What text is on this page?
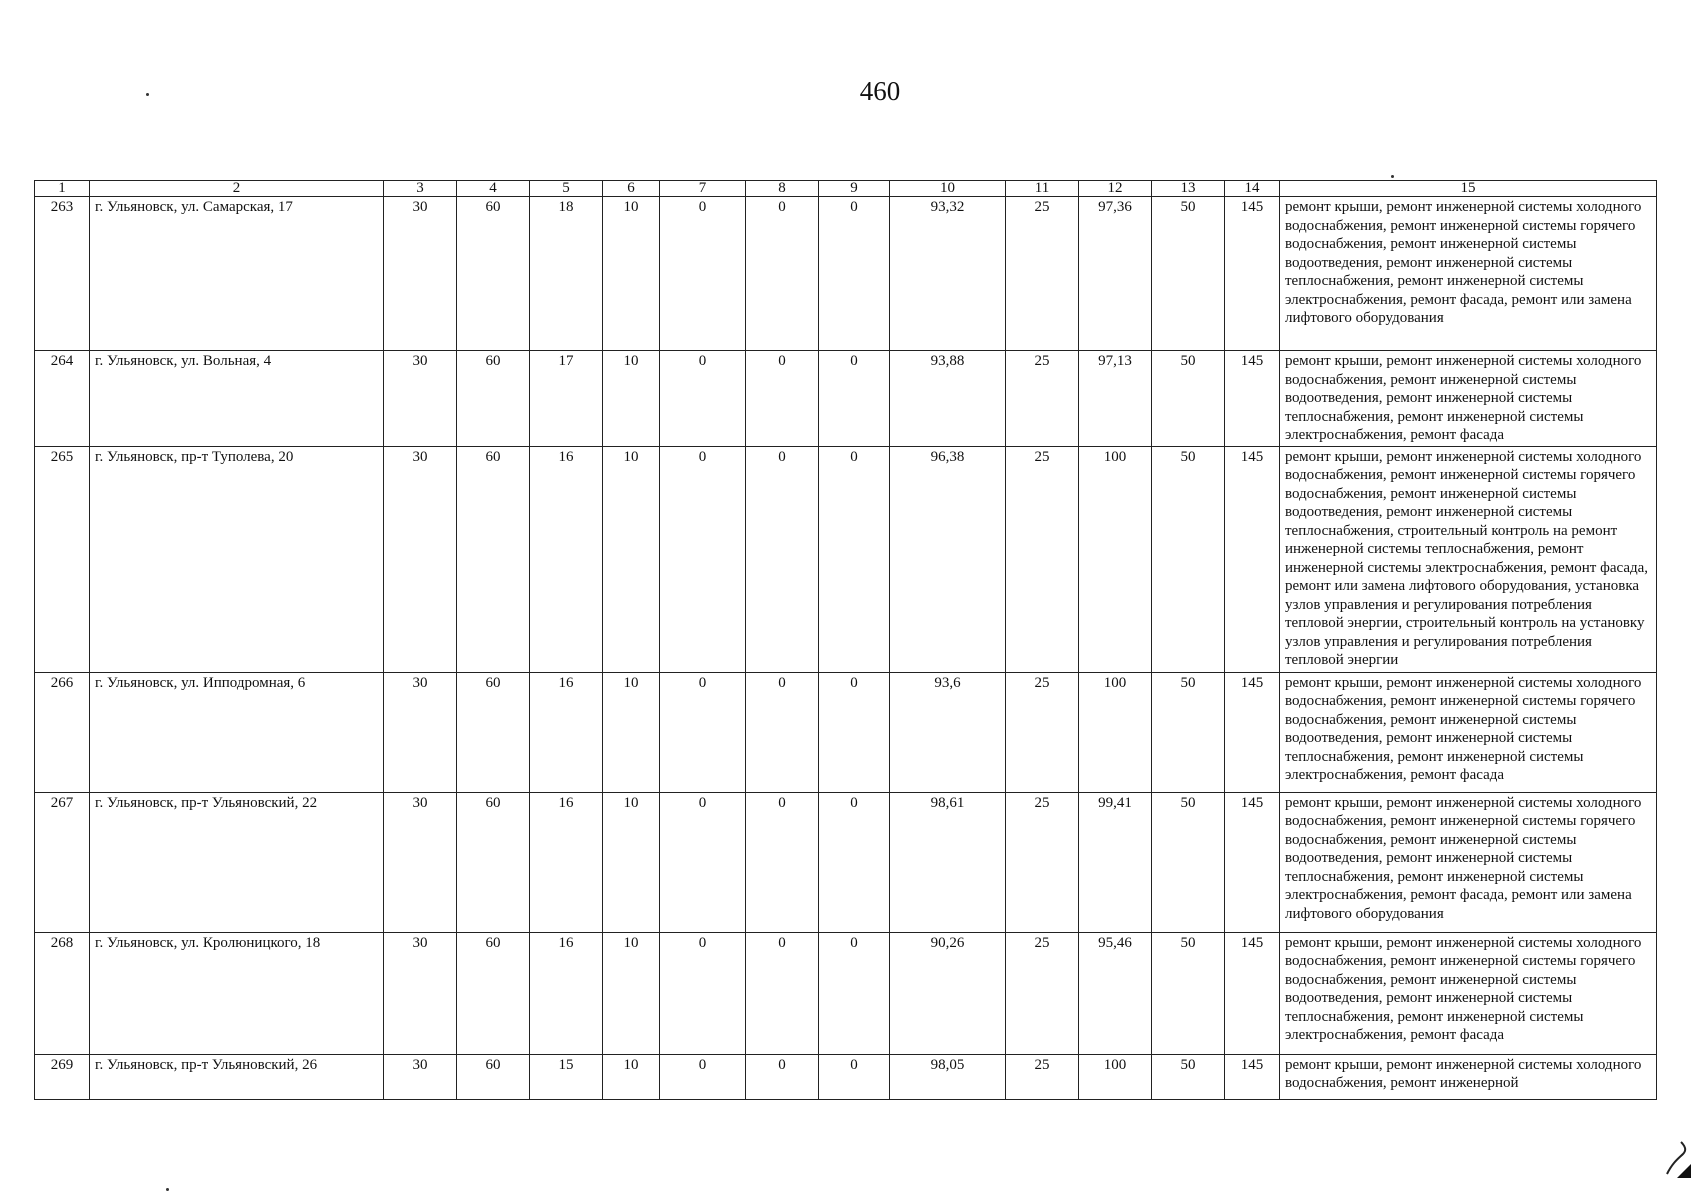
460
1	2	3	4	5	6	7	8	9	10	11	12	13	14	15
263	г. Ульяновск, ул. Самарская, 17	30	60	18	10	0	0	0	93,32	25	97,36	50	145	ремонт крыши, ремонт инженерной системы холодного водоснабжения, ремонт инженерной системы горячего водоснабжения, ремонт инженерной системы водоотведения, ремонт инженерной системы теплоснабжения, ремонт инженерной системы электроснабжения, ремонт фасада, ремонт или замена лифтового оборудования
264	г. Ульяновск, ул. Вольная, 4	30	60	17	10	0	0	0	93,88	25	97,13	50	145	ремонт крыши, ремонт инженерной системы холодного водоснабжения, ремонт инженерной системы водоотведения, ремонт инженерной системы теплоснабжения, ремонт инженерной системы электроснабжения, ремонт фасада
265	г. Ульяновск, пр-т Туполева, 20	30	60	16	10	0	0	0	96,38	25	100	50	145	ремонт крыши, ремонт инженерной системы холодного водоснабжения, ремонт инженерной системы горячего водоснабжения, ремонт инженерной системы водоотведения, ремонт инженерной системы теплоснабжения, строительный контроль на ремонт инженерной системы теплоснабжения, ремонт инженерной системы электроснабжения, ремонт фасада, ремонт или замена лифтового оборудования, установка узлов управления и регулирования потребления тепловой энергии, строительный контроль на установку узлов управления и регулирования потребления тепловой энергии
266	г. Ульяновск, ул. Ипподромная, 6	30	60	16	10	0	0	0	93,6	25	100	50	145	ремонт крыши, ремонт инженерной системы холодного водоснабжения, ремонт инженерной системы горячего водоснабжения, ремонт инженерной системы водоотведения, ремонт инженерной системы теплоснабжения, ремонт инженерной системы электроснабжения, ремонт фасада
267	г. Ульяновск, пр-т Ульяновский, 22	30	60	16	10	0	0	0	98,61	25	99,41	50	145	ремонт крыши, ремонт инженерной системы холодного водоснабжения, ремонт инженерной системы горячего водоснабжения, ремонт инженерной системы водоотведения, ремонт инженерной системы теплоснабжения, ремонт инженерной системы электроснабжения, ремонт фасада, ремонт или замена лифтового оборудования
268	г. Ульяновск, ул. Кролюницкого, 18	30	60	16	10	0	0	0	90,26	25	95,46	50	145	ремонт крыши, ремонт инженерной системы холодного водоснабжения, ремонт инженерной системы горячего водоснабжения, ремонт инженерной системы водоотведения, ремонт инженерной системы теплоснабжения, ремонт инженерной системы электроснабжения, ремонт фасада
269	г. Ульяновск, пр-т Ульяновский, 26	30	60	15	10	0	0	0	98,05	25	100	50	145	ремонт крыши, ремонт инженерной системы холодного водоснабжения, ремонт инженерной
